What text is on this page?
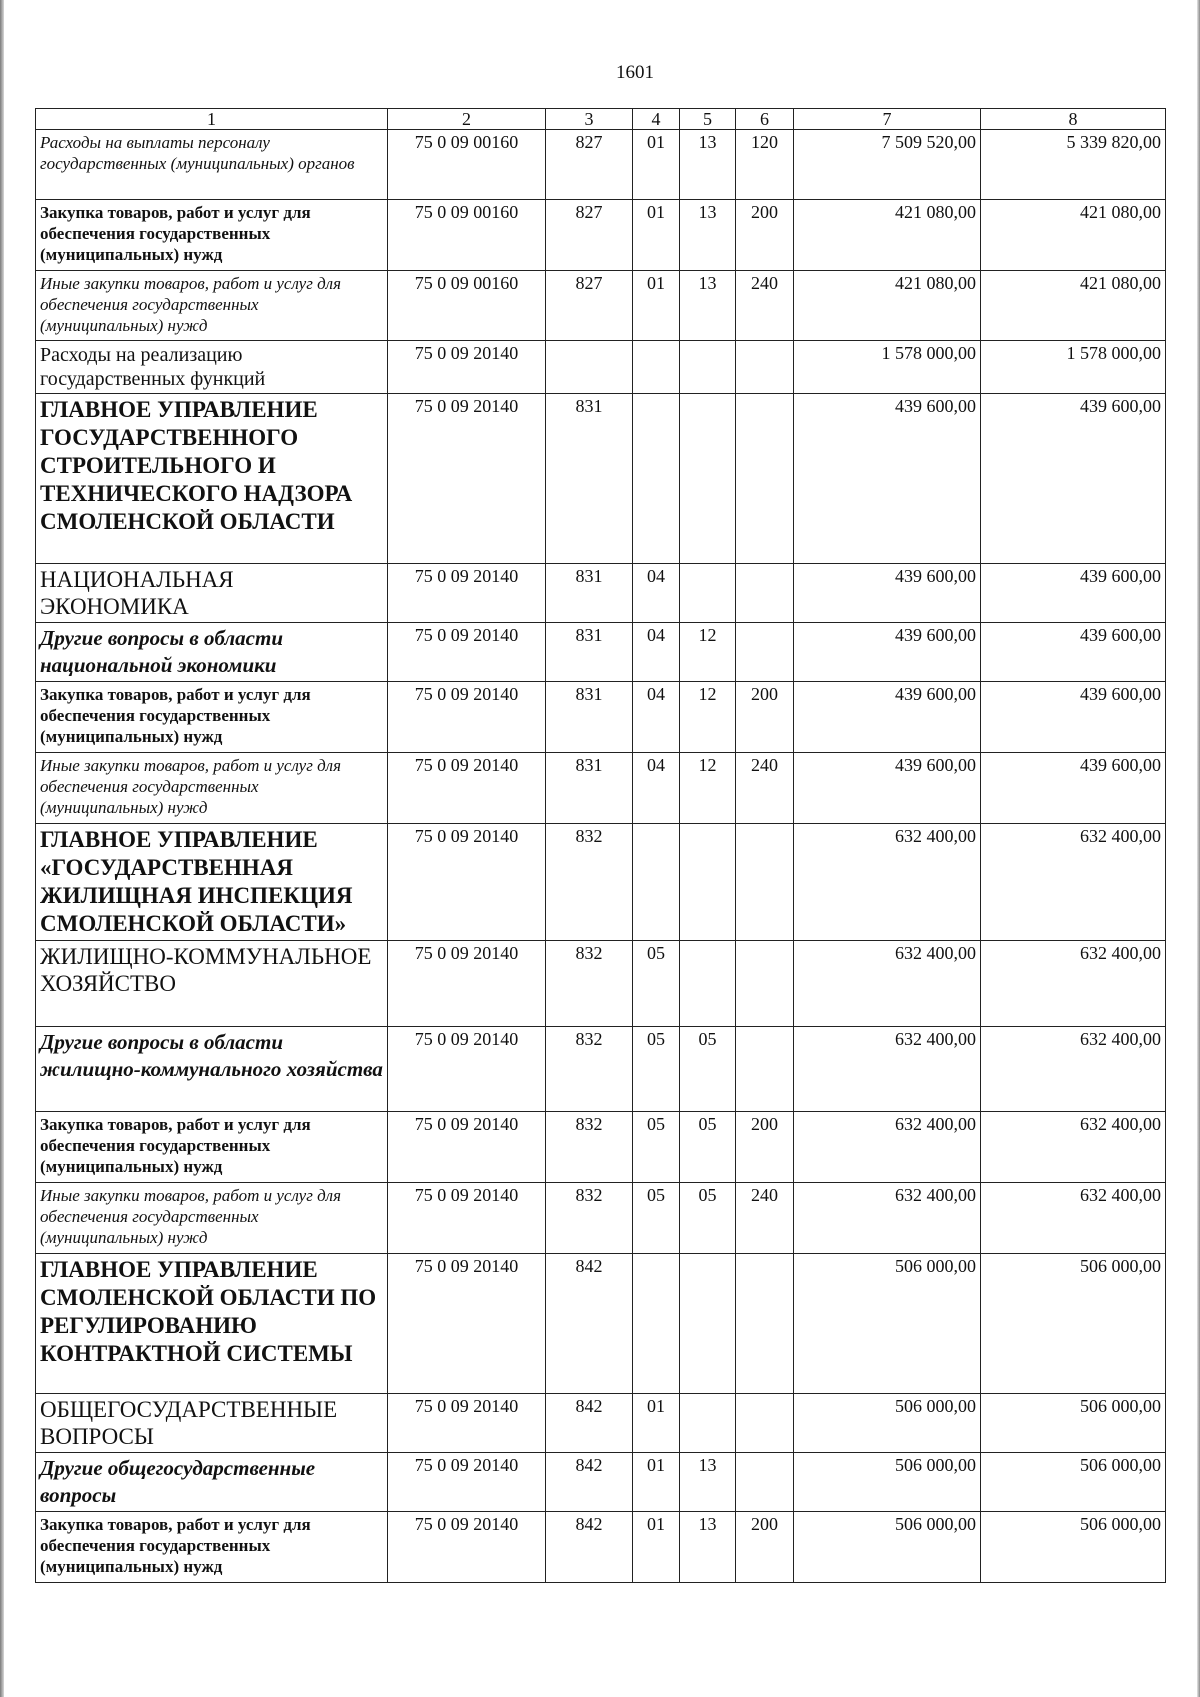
1601
1	2	3	4	5	6	7	8
Расходы на выплаты персоналу государственных (муниципальных) органов	75 0 09 00160	827	01	13	120	7 509 520,00	5 339 820,00
Закупка товаров, работ и услуг для обеспечения государственных (муниципальных) нужд	75 0 09 00160	827	01	13	200	421 080,00	421 080,00
Иные закупки товаров, работ и услуг для обеспечения государственных (муниципальных) нужд	75 0 09 00160	827	01	13	240	421 080,00	421 080,00
Расходы на реализацию государственных функций	75 0 09 20140					1 578 000,00	1 578 000,00
ГЛАВНОЕ УПРАВЛЕНИЕ ГОСУДАРСТВЕННОГО СТРОИТЕЛЬНОГО И ТЕХНИЧЕСКОГО НАДЗОРА СМОЛЕНСКОЙ ОБЛАСТИ	75 0 09 20140	831				439 600,00	439 600,00
НАЦИОНАЛЬНАЯ ЭКОНОМИКА	75 0 09 20140	831	04			439 600,00	439 600,00
Другие вопросы в области национальной экономики	75 0 09 20140	831	04	12		439 600,00	439 600,00
Закупка товаров, работ и услуг для обеспечения государственных (муниципальных) нужд	75 0 09 20140	831	04	12	200	439 600,00	439 600,00
Иные закупки товаров, работ и услуг для обеспечения государственных (муниципальных) нужд	75 0 09 20140	831	04	12	240	439 600,00	439 600,00
ГЛАВНОЕ УПРАВЛЕНИЕ «ГОСУДАРСТВЕННАЯ ЖИЛИЩНАЯ ИНСПЕКЦИЯ СМОЛЕНСКОЙ ОБЛАСТИ»	75 0 09 20140	832				632 400,00	632 400,00
ЖИЛИЩНО-КОММУНАЛЬНОЕ ХОЗЯЙСТВО	75 0 09 20140	832	05			632 400,00	632 400,00
Другие вопросы в области жилищно-коммунального хозяйства	75 0 09 20140	832	05	05		632 400,00	632 400,00
Закупка товаров, работ и услуг для обеспечения государственных (муниципальных) нужд	75 0 09 20140	832	05	05	200	632 400,00	632 400,00
Иные закупки товаров, работ и услуг для обеспечения государственных (муниципальных) нужд	75 0 09 20140	832	05	05	240	632 400,00	632 400,00
ГЛАВНОЕ УПРАВЛЕНИЕ СМОЛЕНСКОЙ ОБЛАСТИ ПО РЕГУЛИРОВАНИЮ КОНТРАКТНОЙ СИСТЕМЫ	75 0 09 20140	842				506 000,00	506 000,00
ОБЩЕГОСУДАРСТВЕННЫЕ ВОПРОСЫ	75 0 09 20140	842	01			506 000,00	506 000,00
Другие общегосударственные вопросы	75 0 09 20140	842	01	13		506 000,00	506 000,00
Закупка товаров, работ и услуг для обеспечения государственных (муниципальных) нужд	75 0 09 20140	842	01	13	200	506 000,00	506 000,00
